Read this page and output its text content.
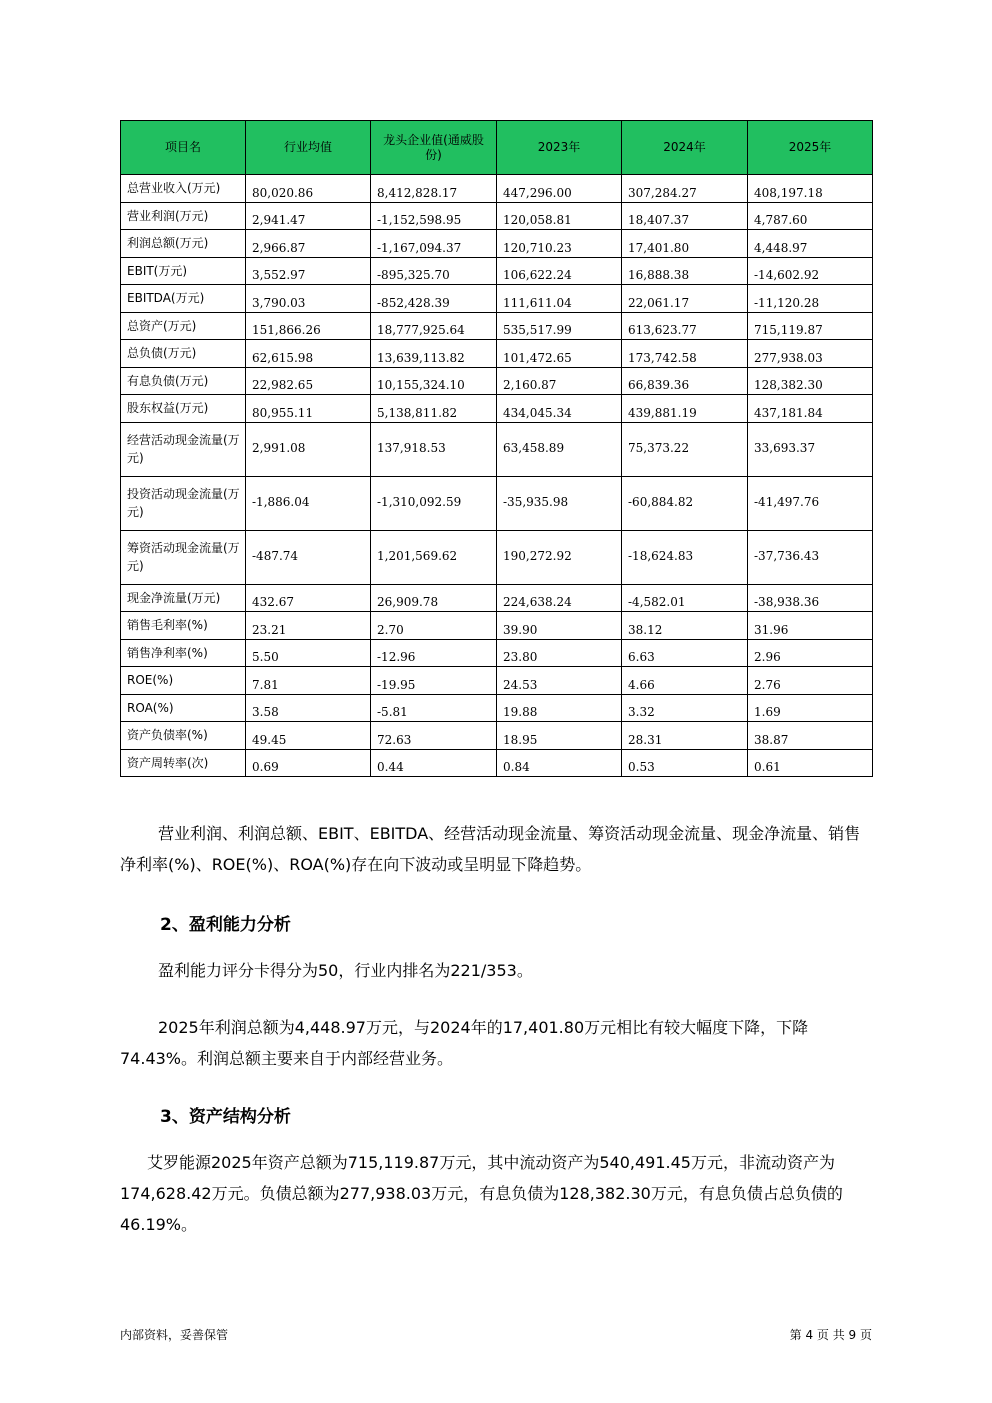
项目名	行业均值	龙头企业值(通威股份)	2023年	2024年	2025年
总营业收入(万元)	80,020.86	8,412,828.17	447,296.00	307,284.27	408,197.18
营业利润(万元)	2,941.47	-1,152,598.95	120,058.81	18,407.37	4,787.60
利润总额(万元)	2,966.87	-1,167,094.37	120,710.23	17,401.80	4,448.97
EBIT(万元)	3,552.97	-895,325.70	106,622.24	16,888.38	-14,602.92
EBITDA(万元)	3,790.03	-852,428.39	111,611.04	22,061.17	-11,120.28
总资产(万元)	151,866.26	18,777,925.64	535,517.99	613,623.77	715,119.87
总负债(万元)	62,615.98	13,639,113.82	101,472.65	173,742.58	277,938.03
有息负债(万元)	22,982.65	10,155,324.10	2,160.87	66,839.36	128,382.30
股东权益(万元)	80,955.11	5,138,811.82	434,045.34	439,881.19	437,181.84
经营活动现金流量(万元)	2,991.08	137,918.53	63,458.89	75,373.22	33,693.37
投资活动现金流量(万元)	-1,886.04	-1,310,092.59	-35,935.98	-60,884.82	-41,497.76
筹资活动现金流量(万元)	-487.74	1,201,569.62	190,272.92	-18,624.83	-37,736.43
现金净流量(万元)	432.67	26,909.78	224,638.24	-4,582.01	-38,938.36
销售毛利率(%)	23.21	2.70	39.90	38.12	31.96
销售净利率(%)	5.50	-12.96	23.80	6.63	2.96
ROE(%)	7.81	-19.95	24.53	4.66	2.76
ROA(%)	3.58	-5.81	19.88	3.32	1.69
资产负债率(%)	49.45	72.63	18.95	28.31	38.87
资产周转率(次)	0.69	0.44	0.84	0.53	0.61
营业利润、利润总额、EBIT、EBITDA、经营活动现金流量、筹资活动现金流量、现金净流量、销售净利率(%)、ROE(%)、ROA(%)存在向下波动或呈明显下降趋势。
2、盈利能力分析
盈利能力评分卡得分为50，行业内排名为221/353。
2025年利润总额为4,448.97万元，与2024年的17,401.80万元相比有较大幅度下降，下降74.43%。利润总额主要来自于内部经营业务。
3、资产结构分析
艾罗能源2025年资产总额为715,119.87万元，其中流动资产为540,491.45万元，非流动资产为174,628.42万元。负债总额为277,938.03万元，有息负债为128,382.30万元，有息负债占总负债的46.19%。
内部资料，妥善保管	第 4 页 共 9 页
